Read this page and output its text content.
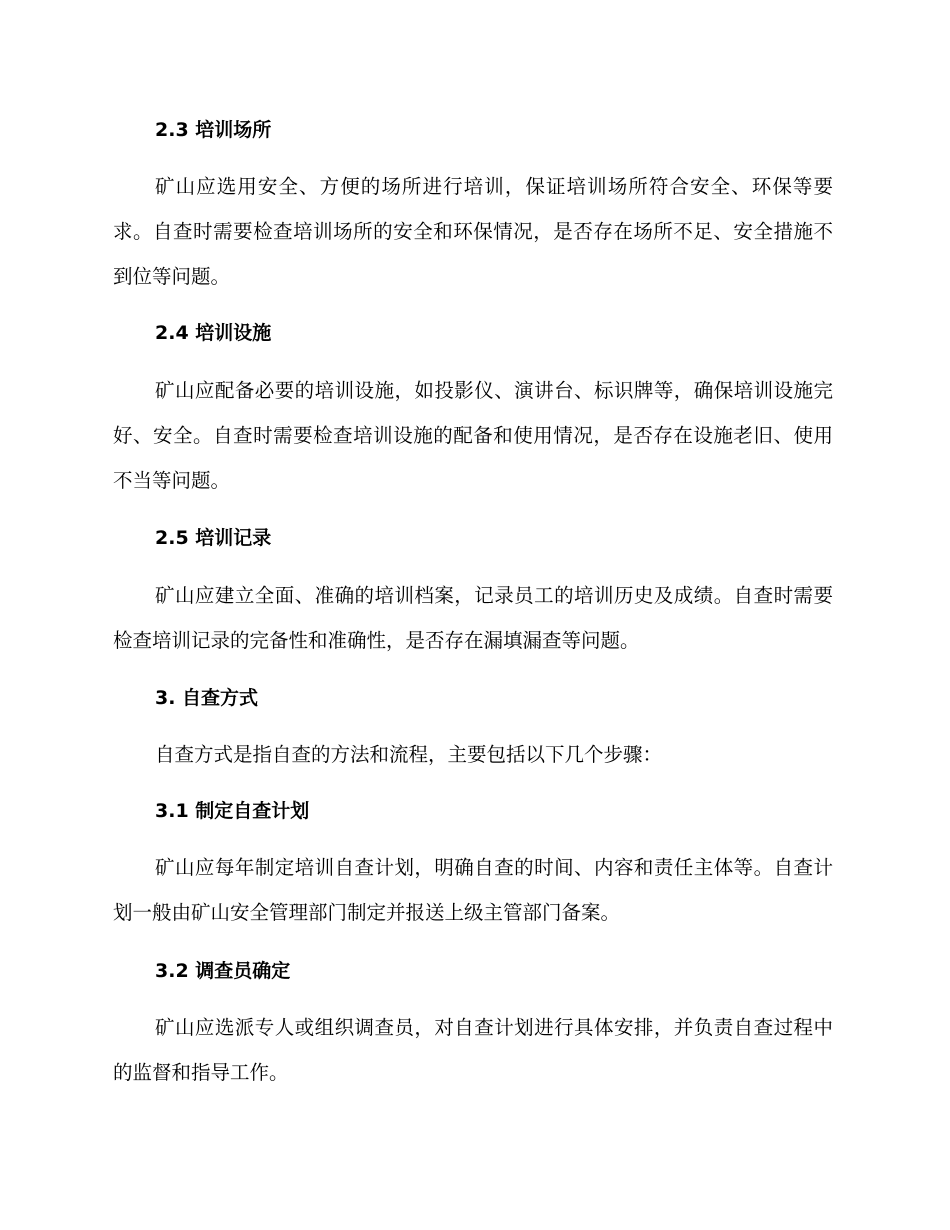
2.3 培训场所

矿山应选用安全、方便的场所进行培训，保证培训场所符合安全、环保等要求。自查时需要检查培训场所的安全和环保情况，是否存在场所不足、安全措施不到位等问题。

2.4 培训设施

矿山应配备必要的培训设施，如投影仪、演讲台、标识牌等，确保培训设施完好、安全。自查时需要检查培训设施的配备和使用情况，是否存在设施老旧、使用不当等问题。

2.5 培训记录

矿山应建立全面、准确的培训档案，记录员工的培训历史及成绩。自查时需要检查培训记录的完备性和准确性，是否存在漏填漏查等问题。

3. 自查方式

自查方式是指自查的方法和流程，主要包括以下几个步骤：

3.1 制定自查计划

矿山应每年制定培训自查计划，明确自查的时间、内容和责任主体等。自查计划一般由矿山安全管理部门制定并报送上级主管部门备案。

3.2 调查员确定

矿山应选派专人或组织调查员，对自查计划进行具体安排，并负责自查过程中的监督和指导工作。
